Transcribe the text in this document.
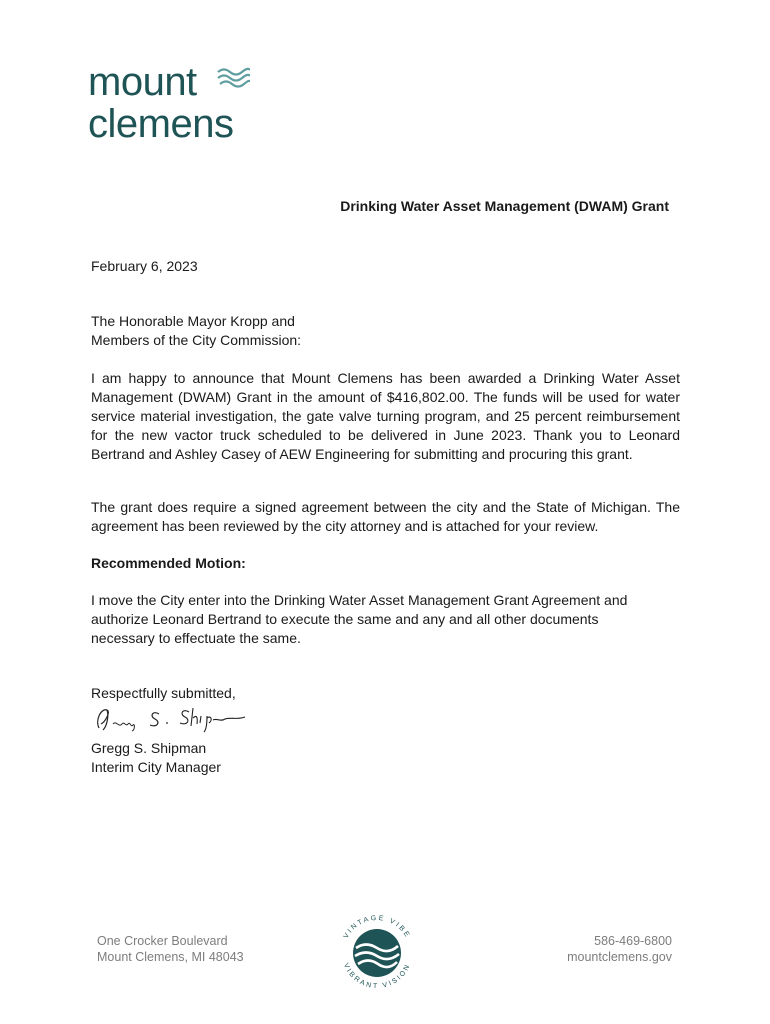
mount
clemens
Drinking Water Asset Management (DWAM) Grant
February 6, 2023
The Honorable Mayor Kropp and
Members of the City Commission:
I am happy to announce that Mount Clemens has been awarded a Drinking Water Asset Management (DWAM) Grant in the amount of $416,802.00. The funds will be used for water service material investigation, the gate valve turning program, and 25 percent reimbursement for the new vactor truck scheduled to be delivered in June 2023. Thank you to Leonard Bertrand and Ashley Casey of AEW Engineering for submitting and procuring this grant.
The grant does require a signed agreement between the city and the State of Michigan. The agreement has been reviewed by the city attorney and is attached for your review.
Recommended Motion:
I move the City enter into the Drinking Water Asset Management Grant Agreement and
authorize Leonard Bertrand to execute the same and any and all other documents
necessary to effectuate the same.
Respectfully submitted,
Gregg S. Shipman
Interim City Manager
One Crocker Boulevard
Mount Clemens, MI 48043
VINTAGE VIBE
VIBRANT VISION
586-469-6800
mountclemens.gov
